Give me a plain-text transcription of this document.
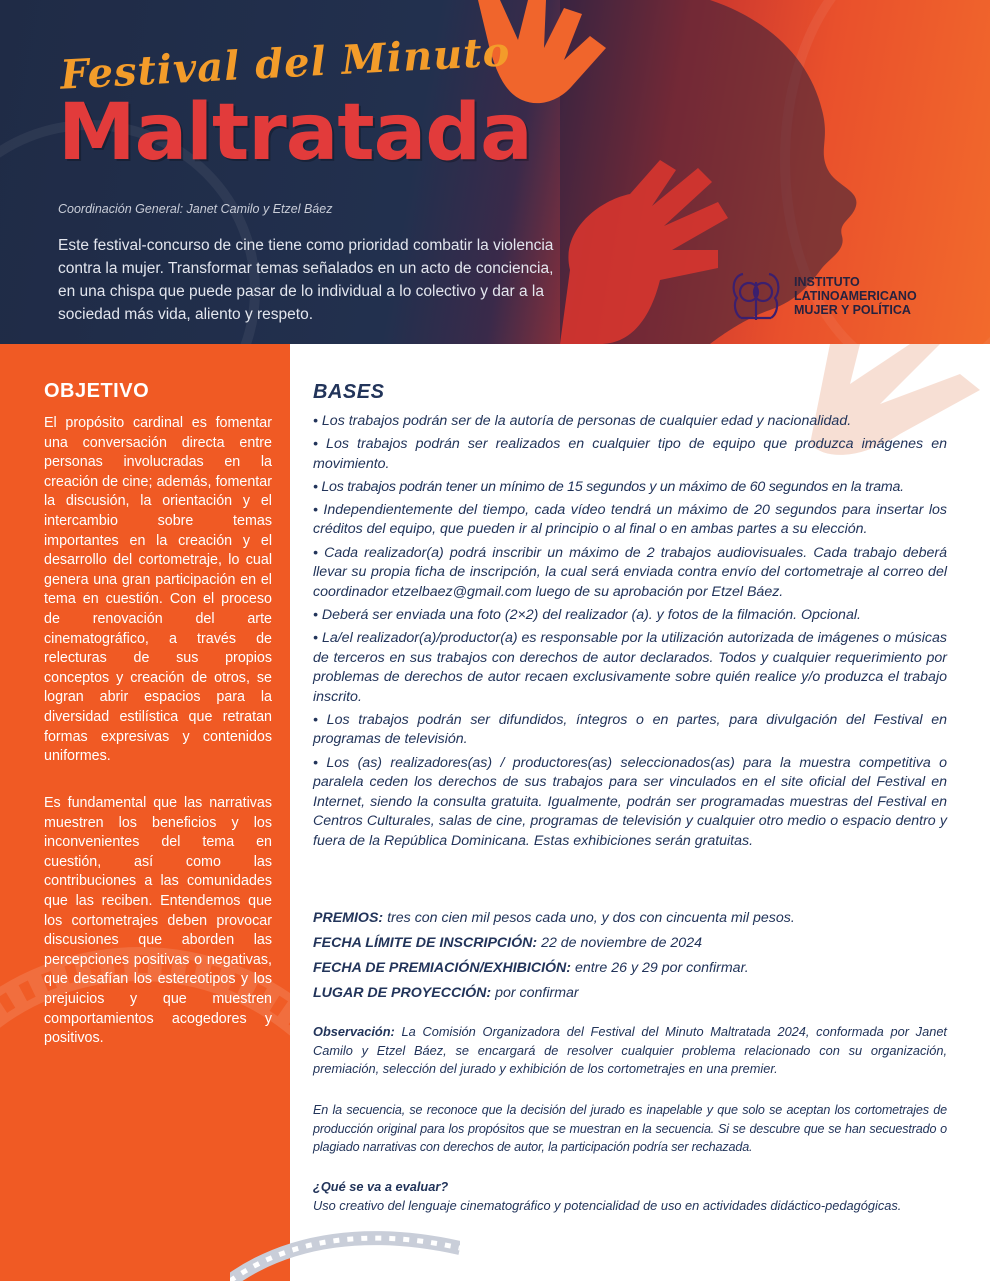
Festival del Minuto
Maltratada
Coordinación General: Janet Camilo y Etzel Báez
Este festival-concurso de cine tiene como prioridad combatir la violencia contra la mujer. Transformar temas señalados en un acto de conciencia, en una chispa que puede pasar de lo individual a lo colectivo y dar a la sociedad más vida, aliento y respeto.
INSTITUTO
LATINOAMERICANO
MUJER Y POLÍTICA
OBJETIVO

El propósito cardinal es fomentar una conversación directa entre personas involucradas en la creación de cine; además, fomentar la discusión, la orientación y el intercambio sobre temas importantes en la creación y el desarrollo del cortometraje, lo cual genera una gran participación en el tema en cuestión. Con el proceso de renovación del arte cinematográfico, a través de relecturas de sus propios conceptos y creación de otros, se logran abrir espacios para la diversidad estilística que retratan formas expresivas y contenidos uniformes.

Es fundamental que las narrativas muestren los beneficios y los inconvenientes del tema en cuestión, así como las contribuciones a las comunidades que las reciben. Entendemos que los cortometrajes deben provocar discusiones que aborden las percepciones positivas o negativas, que desafían los estereotipos y los prejuicios y que muestren comportamientos acogedores y positivos.

BASES
• Los trabajos podrán ser de la autoría de personas de cualquier edad y nacionalidad.
• Los trabajos podrán ser realizados en cualquier tipo de equipo que produzca imágenes en movimiento.
• Los trabajos podrán tener un mínimo de 15 segundos y un máximo de 60 segundos en la trama.
• Independientemente del tiempo, cada vídeo tendrá un máximo de 20 segundos para insertar los créditos del equipo, que pueden ir al principio o al final o en ambas partes a su elección.
• Cada realizador(a) podrá inscribir un máximo de 2 trabajos audiovisuales. Cada trabajo deberá llevar su propia ficha de inscripción, la cual será enviada contra envío del cortometraje al correo del coordinador etzelbaez@gmail.com luego de su aprobación por Etzel Báez.
• Deberá ser enviada una foto (2×2) del realizador (a). y fotos de la filmación. Opcional.
• La/el realizador(a)/productor(a) es responsable por la utilización autorizada de imágenes o músicas de terceros en sus trabajos con derechos de autor declarados. Todos y cualquier requerimiento por problemas de derechos de autor recaen exclusivamente sobre quién realice y/o produzca el trabajo inscrito.
• Los trabajos podrán ser difundidos, íntegros o en partes, para divulgación del Festival en programas de televisión.
• Los (as) realizadores(as) / productores(as) seleccionados(as) para la muestra competitiva o paralela ceden los derechos de sus trabajos para ser vinculados en el site oficial del Festival en Internet, siendo la consulta gratuita. Igualmente, podrán ser programadas muestras del Festival en Centros Culturales, salas de cine, programas de televisión y cualquier otro medio o espacio dentro y fuera de la República Dominicana. Estas exhibiciones serán gratuitas.
PREMIOS: tres con cien mil pesos cada uno, y dos con cincuenta mil pesos.
FECHA LÍMITE DE INSCRIPCIÓN: 22 de noviembre de 2024
FECHA DE PREMIACIÓN/EXHIBICIÓN: entre 26 y 29 por confirmar.
LUGAR DE PROYECCIÓN: por confirmar

Observación: La Comisión Organizadora del Festival del Minuto Maltratada 2024, conformada por Janet Camilo y Etzel Báez, se encargará de resolver cualquier problema relacionado con su organización, premiación, selección del jurado y exhibición de los cortometrajes en una premier.

En la secuencia, se reconoce que la decisión del jurado es inapelable y que solo se aceptan los cortometrajes de producción original para los propósitos que se muestran en la secuencia. Si se descubre que se han secuestrado o plagiado narrativas con derechos de autor, la participación podría ser rechazada.

¿Qué se va a evaluar?
Uso creativo del lenguaje cinematográfico y potencialidad de uso en actividades didáctico-pedagógicas.
